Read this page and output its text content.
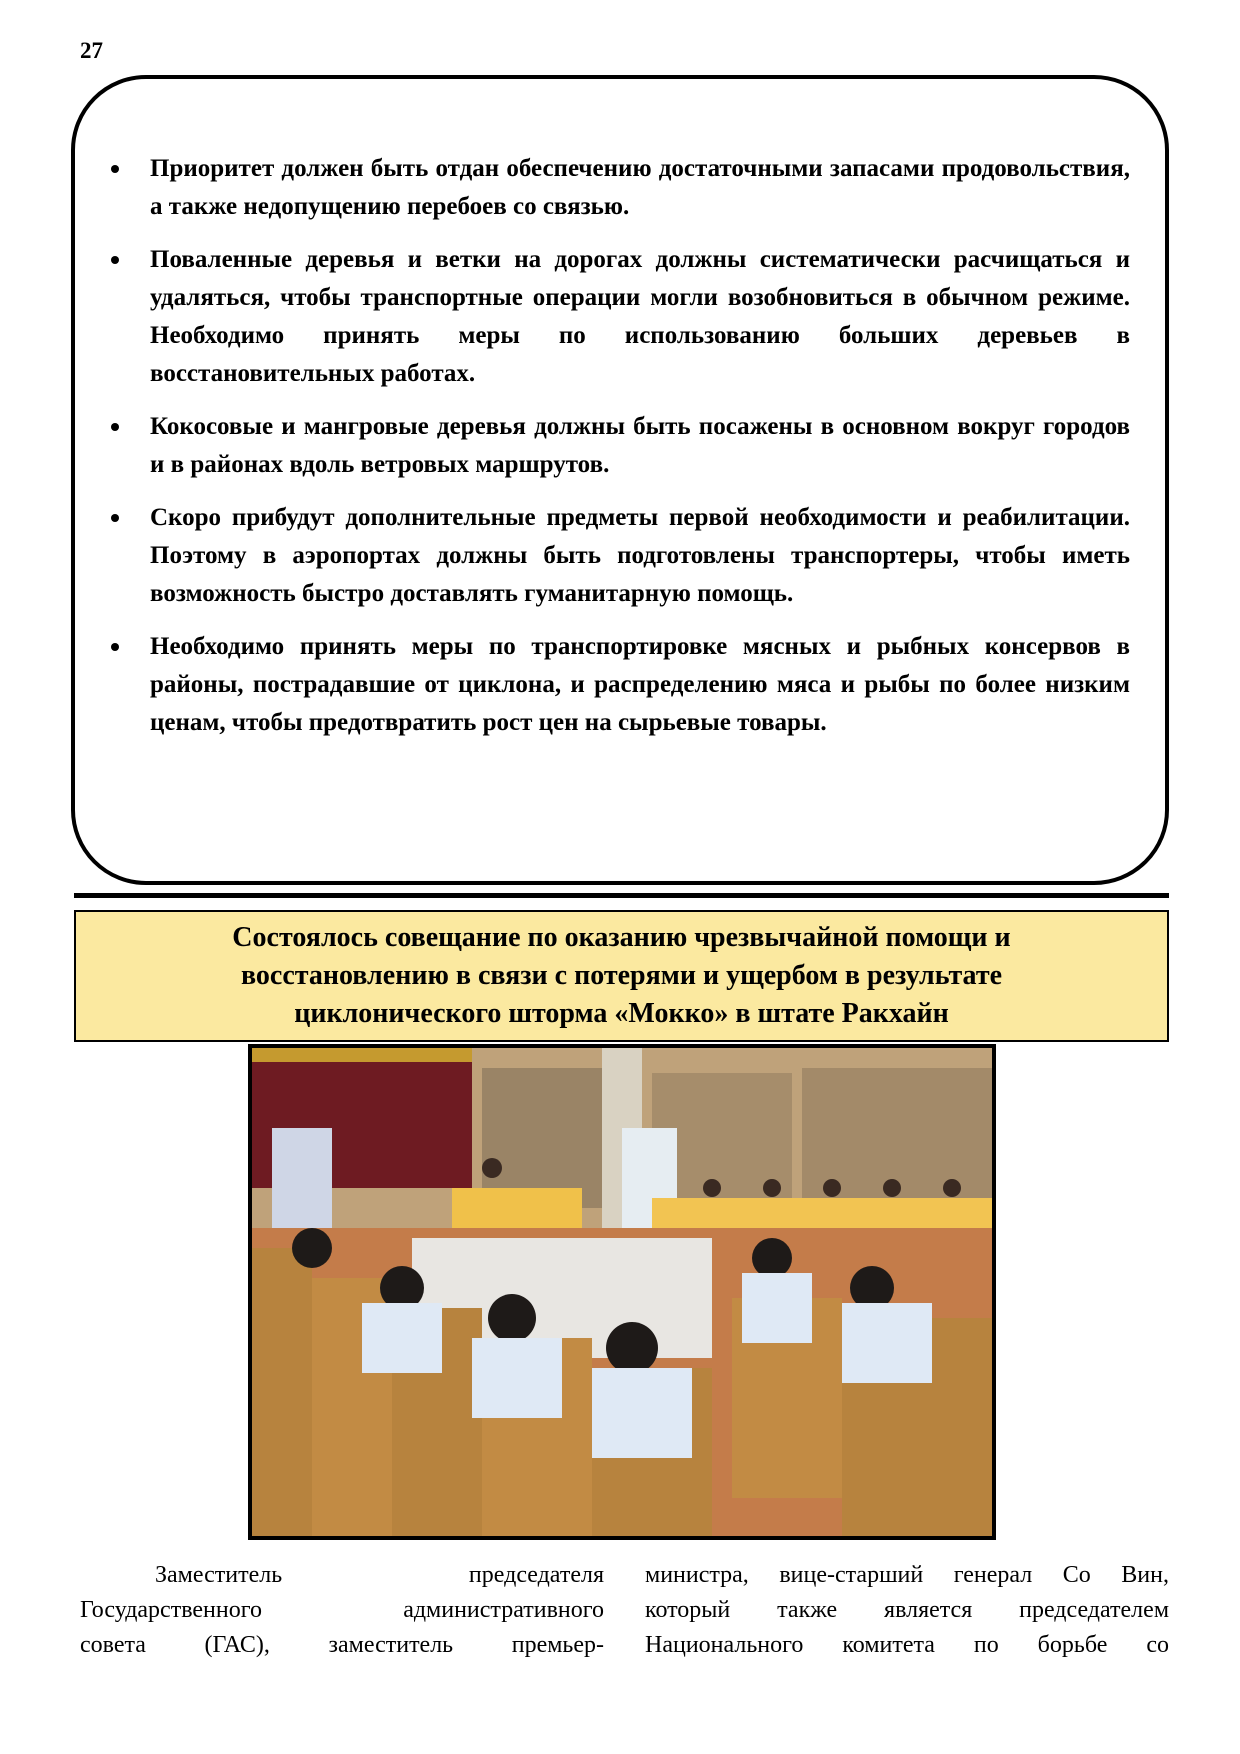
27
Приоритет должен быть отдан обеспечению достаточными запасами продовольствия, а также недопущению перебоев со связью.
Поваленные деревья и ветки на дорогах должны систематически расчищаться и удаляться, чтобы транспортные операции могли возобновиться в обычном режиме. Необходимо принять меры по использованию больших деревьев в восстановительных работах.
Кокосовые и мангровые деревья должны быть посажены в основном вокруг городов и в районах вдоль ветровых маршрутов.
Скоро прибудут дополнительные предметы первой необходимости и реабилитации. Поэтому в аэропортах должны быть подготовлены транспортеры, чтобы иметь возможность быстро доставлять гуманитарную помощь.
Необходимо принять меры по транспортировке мясных и рыбных консервов в районы, пострадавшие от циклона, и распределению мяса и рыбы по более низким ценам, чтобы предотвратить рост цен на сырьевые товары.
Состоялось совещание по оказанию чрезвычайной помощи и восстановлению в связи с потерями и ущербом в результате циклонического шторма «Мокко» в штате Ракхайн

Заместитель председателя

Государственного административного

совета (ГАС), заместитель премьер-

министра, вице-старший генерал Со Вин,

который также является председателем

Национального комитета по борьбе со
